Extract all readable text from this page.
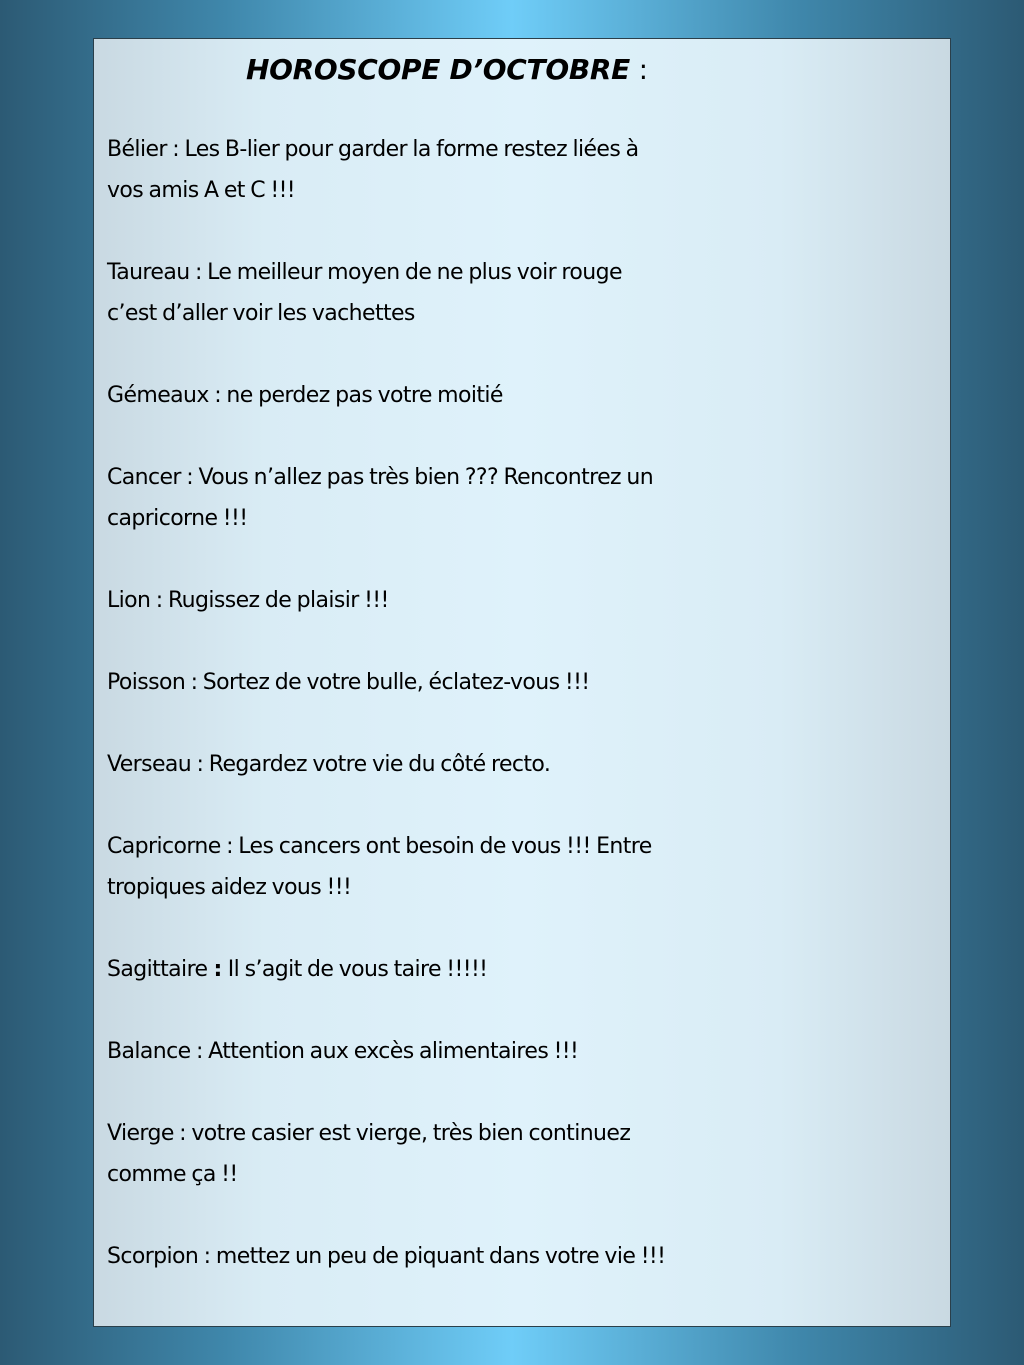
HOROSCOPE D’OCTOBRE :
Bélier : Les B-lier pour garder la forme restez liées à
vos amis A et C !!!
Taureau : Le meilleur moyen de ne plus voir rouge
c’est d’aller voir les vachettes
Gémeaux : ne perdez pas votre moitié
Cancer : Vous n’allez pas très bien ??? Rencontrez un
capricorne !!!
Lion : Rugissez de plaisir !!!
Poisson : Sortez de votre bulle, éclatez-vous !!!
Verseau : Regardez votre vie du côté recto.
Capricorne : Les cancers ont besoin de vous !!! Entre
tropiques aidez vous !!!
Sagittaire : Il s’agit de vous taire !!!!!
Balance : Attention aux excès alimentaires !!!
Vierge : votre casier est vierge, très bien continuez
comme ça !!
Scorpion : mettez un peu de piquant dans votre vie !!!
